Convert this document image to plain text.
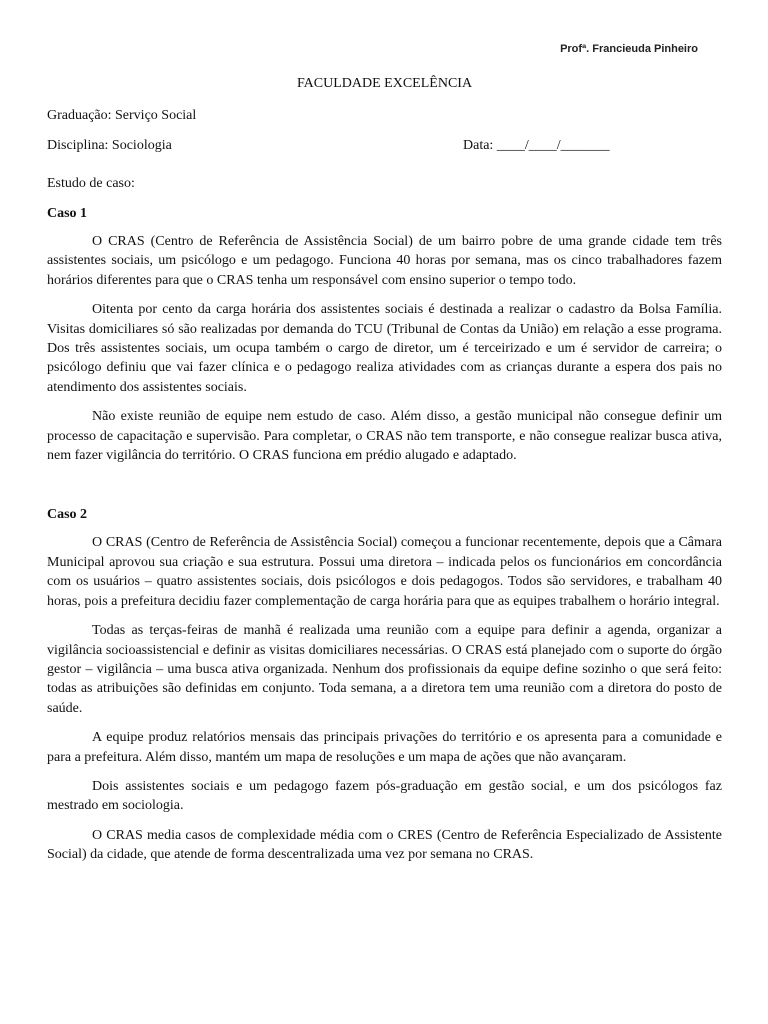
Profª. Francieuda Pinheiro
FACULDADE EXCELÊNCIA
Graduação: Serviço Social
Disciplina: Sociologia	Data: ____/____/_______
Estudo de caso:
Caso 1

O CRAS (Centro de Referência de Assistência Social) de um bairro pobre de uma grande cidade tem três assistentes sociais, um psicólogo e um pedagogo. Funciona 40 horas por semana, mas os cinco trabalhadores fazem horários diferentes para que o CRAS tenha um responsável com ensino superior o tempo todo.

Oitenta por cento da carga horária dos assistentes sociais é destinada a realizar o cadastro da Bolsa Família. Visitas domiciliares só são realizadas por demanda do TCU (Tribunal de Contas da União) em relação a esse programa. Dos três assistentes sociais, um ocupa também o cargo de diretor, um é terceirizado e um é servidor de carreira; o psicólogo definiu que vai fazer clínica e o pedagogo realiza atividades com as crianças durante a espera dos pais no atendimento dos assistentes sociais.

Não existe reunião de equipe nem estudo de caso. Além disso, a gestão municipal não consegue definir um processo de capacitação e supervisão. Para completar, o CRAS não tem transporte, e não consegue realizar busca ativa, nem fazer vigilância do território. O CRAS funciona em prédio alugado e adaptado.

Caso 2

O CRAS (Centro de Referência de Assistência Social) começou a funcionar recentemente, depois que a Câmara Municipal aprovou sua criação e sua estrutura. Possui uma diretora – indicada pelos os funcionários em concordância com os usuários – quatro assistentes sociais, dois psicólogos e dois pedagogos. Todos são servidores, e trabalham 40 horas, pois a prefeitura decidiu fazer complementação de carga horária para que as equipes trabalhem o horário integral.

Todas as terças-feiras de manhã é realizada uma reunião com a equipe para definir a agenda, organizar a vigilância socioassistencial e definir as visitas domiciliares necessárias. O CRAS está planejado com o suporte do órgão gestor – vigilância – uma busca ativa organizada. Nenhum dos profissionais da equipe define sozinho o que será feito: todas as atribuições são definidas em conjunto. Toda semana, a a diretora tem uma reunião com a diretora do posto de saúde.

A equipe produz relatórios mensais das principais privações do território e os apresenta para a comunidade e para a prefeitura. Além disso, mantém um mapa de resoluções e um mapa de ações que não avançaram.

Dois assistentes sociais e um pedagogo fazem pós-graduação em gestão social, e um dos psicólogos faz mestrado em sociologia.

O CRAS media casos de complexidade média com o CRES (Centro de Referência Especializado de Assistente Social) da cidade, que atende de forma descentralizada uma vez por semana no CRAS.
